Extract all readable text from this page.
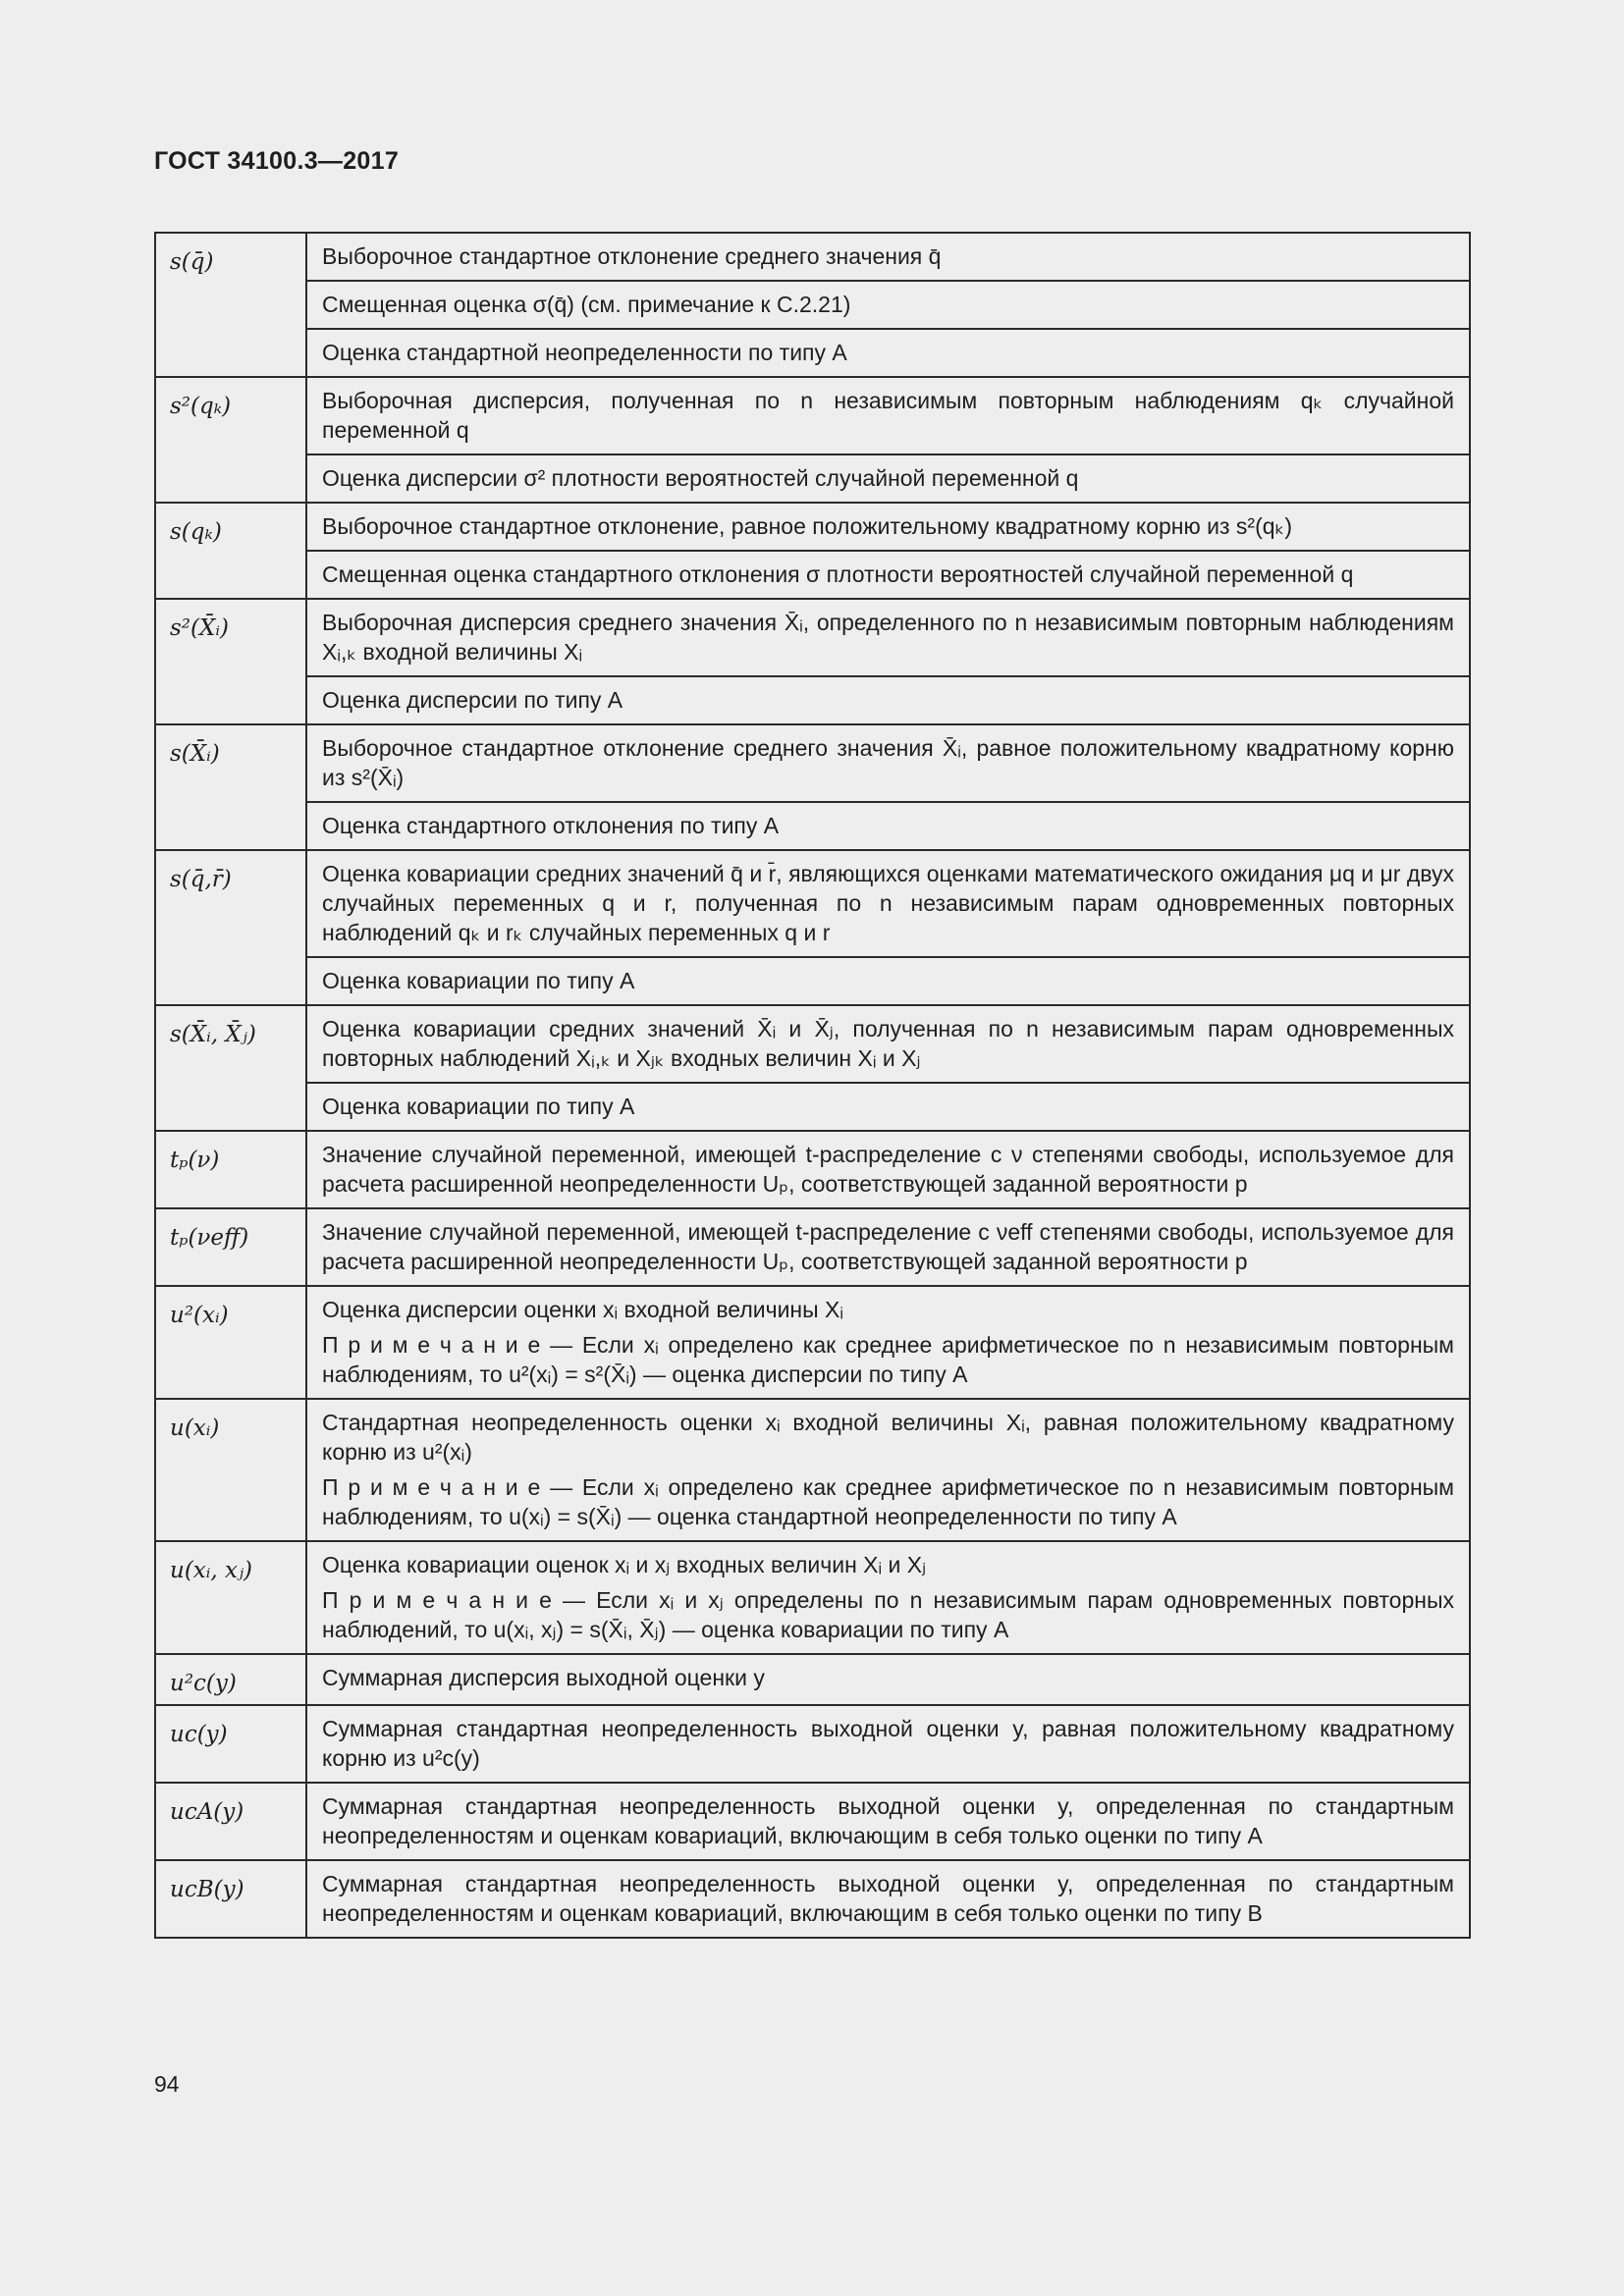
ГОСТ 34100.3—2017
s(q̄)	Выборочное стандартное отклонение среднего значения q̄
	Смещенная оценка σ(q̄) (см. примечание к С.2.21)
	Оценка стандартной неопределенности по типу А
s²(qₖ)	Выборочная дисперсия, полученная по n независимым повторным наблюдениям qₖ случайной переменной q
	Оценка дисперсии σ² плотности вероятностей случайной переменной q
s(qₖ)	Выборочное стандартное отклонение, равное положительному квадратному корню из s²(qₖ)
	Смещенная оценка стандартного отклонения σ плотности вероятностей случайной переменной q
s²(X̄ᵢ)	Выборочная дисперсия среднего значения X̄ᵢ, определенного по n независимым повторным наблюдениям Xᵢ,ₖ входной величины Xᵢ
	Оценка дисперсии по типу А
s(X̄ᵢ)	Выборочное стандартное отклонение среднего значения X̄ᵢ, равное положительному квадратному корню из s²(X̄ᵢ)
	Оценка стандартного отклонения по типу А
s(q̄,r̄)	Оценка ковариации средних значений q̄ и r̄, являющихся оценками математического ожидания μq и μr двух случайных переменных q и r, полученная по n независимым парам одновременных повторных наблюдений qₖ и rₖ случайных переменных q и r
	Оценка ковариации по типу А
s(X̄ᵢ, X̄ⱼ)	Оценка ковариации средних значений X̄ᵢ и X̄ⱼ, полученная по n независимым парам одновременных повторных наблюдений Xᵢ,ₖ и Xⱼₖ входных величин Xᵢ и Xⱼ
	Оценка ковариации по типу А
tₚ(ν)	Значение случайной переменной, имеющей t-распределение с ν степенями свободы, используемое для расчета расширенной неопределенности Uₚ, соответствующей заданной вероятности p
tₚ(νeff)	Значение случайной переменной, имеющей t-распределение с νeff степенями свободы, используемое для расчета расширенной неопределенности Uₚ, соответствующей заданной вероятности p
u²(xᵢ)	Оценка дисперсии оценки xᵢ входной величины Xᵢ
П р и м е ч а н и е — Если xᵢ определено как среднее арифметическое по n независимым повторным наблюдениям, то u²(xᵢ) = s²(X̄ᵢ) — оценка дисперсии по типу А

u(xᵢ)	Стандартная неопределенность оценки xᵢ входной величины Xᵢ, равная положительному квадратному корню из u²(xᵢ)
П р и м е ч а н и е — Если xᵢ определено как среднее арифметическое по n независимым повторным наблюдениям, то u(xᵢ) = s(X̄ᵢ) — оценка стандартной неопределенности по типу А

u(xᵢ, xⱼ)	Оценка ковариации оценок xᵢ и xⱼ входных величин Xᵢ и Xⱼ
П р и м е ч а н и е — Если xᵢ и xⱼ определены по n независимым парам одновременных повторных наблюдений, то u(xᵢ, xⱼ) = s(X̄ᵢ, X̄ⱼ) — оценка ковариации по типу А

u²c(y)	Суммарная дисперсия выходной оценки y
uc(y)	Суммарная стандартная неопределенность выходной оценки y, равная положительному квадратному корню из u²c(y)
ucA(y)	Суммарная стандартная неопределенность выходной оценки y, определенная по стандартным неопределенностям и оценкам ковариаций, включающим в себя только оценки по типу А
ucB(y)	Суммарная стандартная неопределенность выходной оценки y, определенная по стандартным неопределенностям и оценкам ковариаций, включающим в себя только оценки по типу В
94
